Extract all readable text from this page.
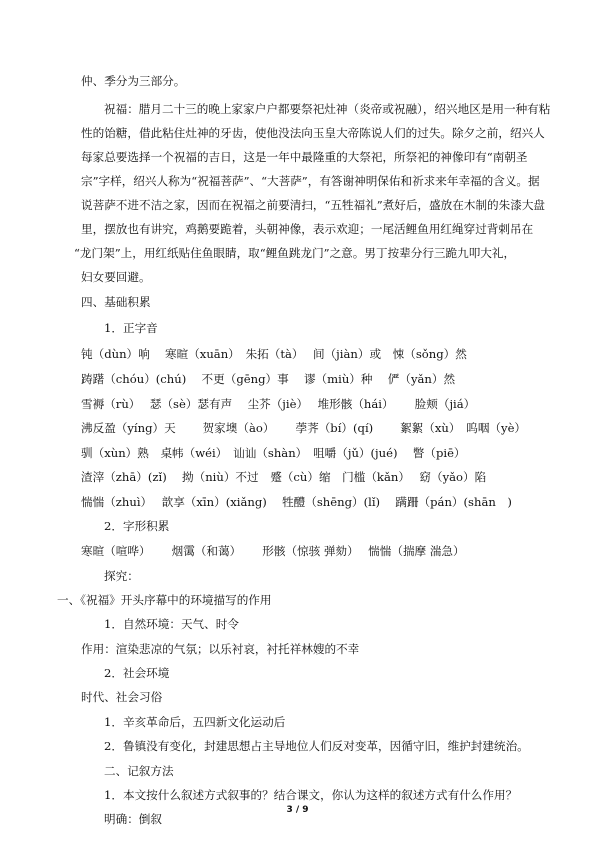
仲、季分为三部分。
祝福：腊月二十三的晚上家家户户都要祭祀灶神（炎帝或祝融），绍兴地区是用一种有粘
性的饴糖，借此粘住灶神的牙齿，使他没法向玉皇大帝陈说人们的过失。除夕之前，绍兴人
每家总要选择一个祝福的吉日，这是一年中最隆重的大祭祀，所祭祀的神像印有“南朝圣
宗”字样，绍兴人称为“祝福菩萨”、“大菩萨”，有答谢神明保佑和祈求来年幸福的含义。据
说菩萨不进不洁之家，因而在祝福之前要清扫，“五牲福礼”煮好后，盛放在木制的朱漆大盘
里，摆放也有讲究，鸡鹅要跪着，头朝神像，表示欢迎；一尾活鲤鱼用红绳穿过背剌吊在
“龙门架”上，用红纸贴住鱼眼睛，取“鲤鱼跳龙门”之意。男丁按辈分行三跪九叩大礼，
妇女要回避。
四、基础积累
1．正字音
钝（dùn）响　 寒暄（xuān）　朱拓（tà）　 间（jiàn）或　悚（sǒng）然
踌躇（chóu）(chú)　 不更（gēng）事　 谬（miù）种　 俨（yǎn）然
雪褥（rù）　 瑟（sè）瑟有声　 尘芥（jiè）　 堆形骸（hái）　 　脸颊（jiá）
沸反盈（yíng）天　 　贺家墺（ào）　 　荸荠（bí）(qí)　 　絮絮（xù）　呜咽（yè）
驯（xùn）熟　桌帏（wéi）　讪讪（shàn）　咀嚼（jǔ）(jué)　 瞥（piē）
渣滓（zhā）(zǐ)　 拗（niù）不过　蹙（cù）缩　门槛（kǎn）　 窈（yǎo）陷
惴惴（zhuì）　 歆享（xīn）(xiǎng)　 牲醴（shēng）(lǐ)　 蹒跚（pán）(shān　)
2．字形积累
寒暄（喧哗）　　 烟霭（和蔼）　　 形骸（惊骇 弹劾）　 惴惴（揣摩 湍急）
探究：
一、《祝福》开头序幕中的环境描写的作用
1．自然环境：天气、时令
作用：渲染悲凉的气氛；以乐衬哀，衬托祥林嫂的不幸
2．社会环境
时代、社会习俗
1．辛亥革命后，五四新文化运动后
2．鲁镇没有变化，封建思想占主导地位人们反对变革，因循守旧，维护封建统治。
二、记叙方法
1．本文按什么叙述方式叙事的？结合课文，你认为这样的叙述方式有什么作用？
明确：倒叙
3 / 9
